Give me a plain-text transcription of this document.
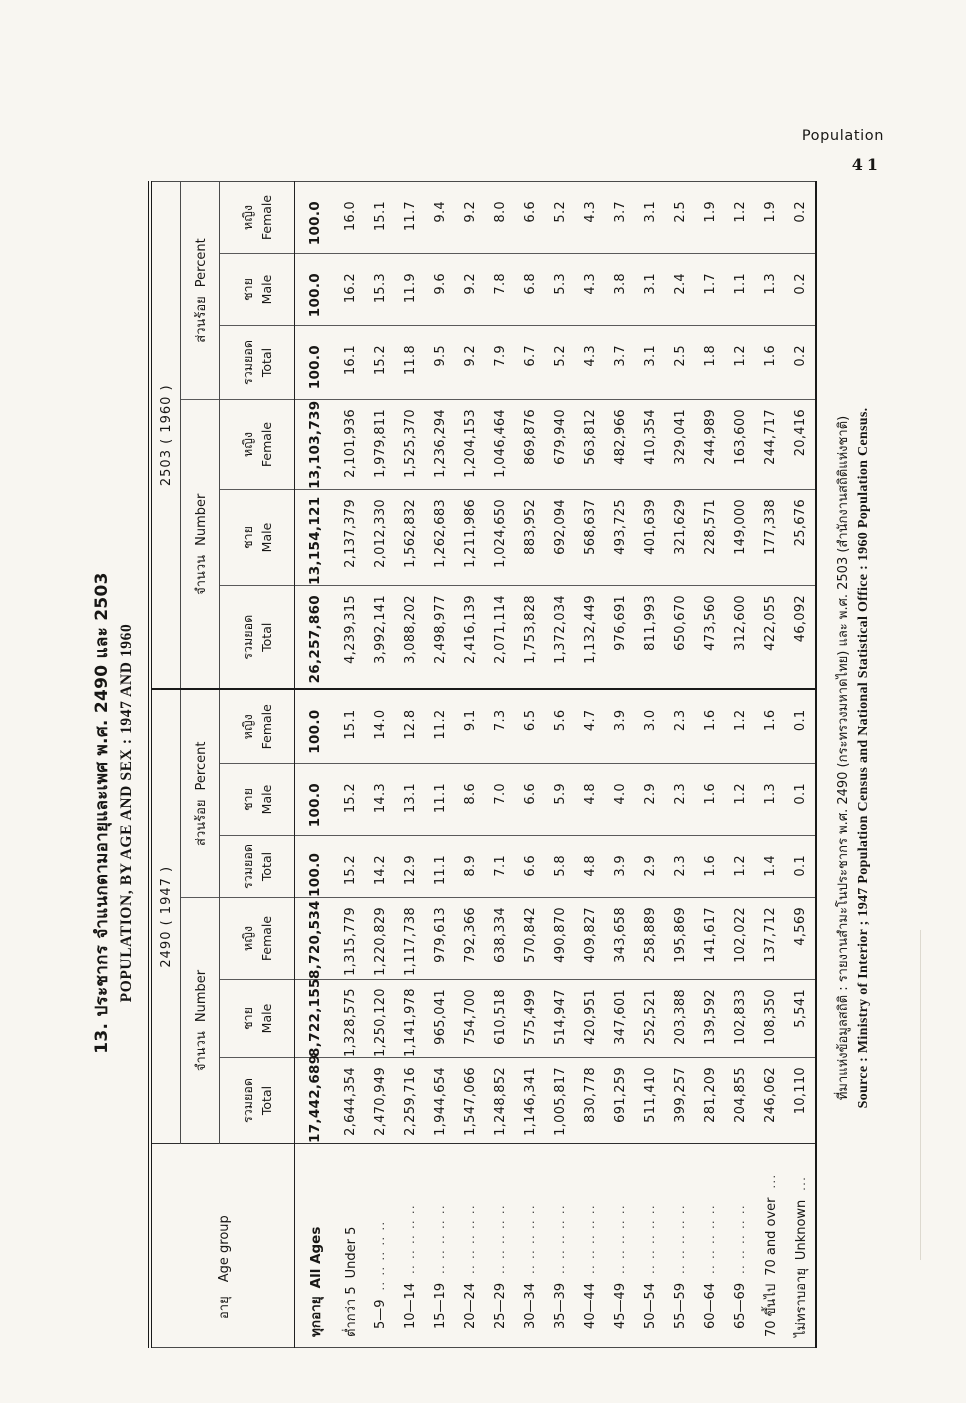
Population
41
13. ประชากร จำแนกตามอายุและเพศ พ.ศ. 2490 และ 2503 POPULATION, BY AGE AND SEX : 1947 AND 1960
อายุAge group	2490 ( 1947 )						2503 ( 1960 )					
	จำนวนNumber			ส่วนร้อยPercent			จำนวนNumber			ส่วนร้อยPercent		
	รวมยอด Total	ชาย Male	หญิง Female	รวมยอด Total	ชาย Male	หญิง Female	รวมยอด Total	ชาย Male	หญิง Female	รวมยอด Total	ชาย Male	หญิง Female
ทุกอายุAll Ages	17,442,689	8,722,155	8,720,534	100.0	100.0	100.0	26,257,860	13,154,121	13,103,739	100.0	100.0	100.0
ต่ำกว่า 5Under 5	2,644,354	1,328,575	1,315,779	15.2	15.2	15.1	4,239,315	2,137,379	2,101,936	16.1	16.2	16.0
5—9.. .. .. .. ..	2,470,949	1,250,120	1,220,829	14.2	14.3	14.0	3,992,141	2,012,330	1,979,811	15.2	15.3	15.1
10—14.. .. .. .. ..	2,259,716	1,141,978	1,117,738	12.9	13.1	12.8	3,088,202	1,562,832	1,525,370	11.8	11.9	11.7
15—19.. .. .. .. ..	1,944,654	965,041	979,613	11.1	11.1	11.2	2,498,977	1,262,683	1,236,294	9.5	9.6	9.4
20—24.. .. .. .. ..	1,547,066	754,700	792,366	8.9	8.6	9.1	2,416,139	1,211,986	1,204,153	9.2	9.2	9.2
25—29.. .. .. .. ..	1,248,852	610,518	638,334	7.1	7.0	7.3	2,071,114	1,024,650	1,046,464	7.9	7.8	8.0
30—34.. .. .. .. ..	1,146,341	575,499	570,842	6.6	6.6	6.5	1,753,828	883,952	869,876	6.7	6.8	6.6
35—39.. .. .. .. ..	1,005,817	514,947	490,870	5.8	5.9	5.6	1,372,034	692,094	679,940	5.2	5.3	5.2
40—44.. .. .. .. ..	830,778	420,951	409,827	4.8	4.8	4.7	1,132,449	568,637	563,812	4.3	4.3	4.3
45—49.. .. .. .. ..	691,259	347,601	343,658	3.9	4.0	3.9	976,691	493,725	482,966	3.7	3.8	3.7
50—54.. .. .. .. ..	511,410	252,521	258,889	2.9	2.9	3.0	811,993	401,639	410,354	3.1	3.1	3.1
55—59.. .. .. .. ..	399,257	203,388	195,869	2.3	2.3	2.3	650,670	321,629	329,041	2.5	2.4	2.5
60—64.. .. .. .. ..	281,209	139,592	141,617	1.6	1.6	1.6	473,560	228,571	244,989	1.8	1.7	1.9
65—69.. .. .. .. ..	204,855	102,833	102,022	1.2	1.2	1.2	312,600	149,000	163,600	1.2	1.1	1.2
70 ขึ้นไป70 and over...	246,062	108,350	137,712	1.4	1.3	1.6	422,055	177,338	244,717	1.6	1.3	1.9
ไม่ทราบอายุUnknown...	10,110	5,541	4,569	0.1	0.1	0.1	46,092	25,676	20,416	0.2	0.2	0.2
ที่มาแห่งข้อมูลสถิติ : รายงานสำมะโนประชากร พ.ศ. 2490 (กระทรวงมหาดไทย) และ พ.ศ. 2503 (สำนักงานสถิติแห่งชาติ) Source : Ministry of Interior ; 1947 Population Census and National Statistical Office : 1960 Population Census.
